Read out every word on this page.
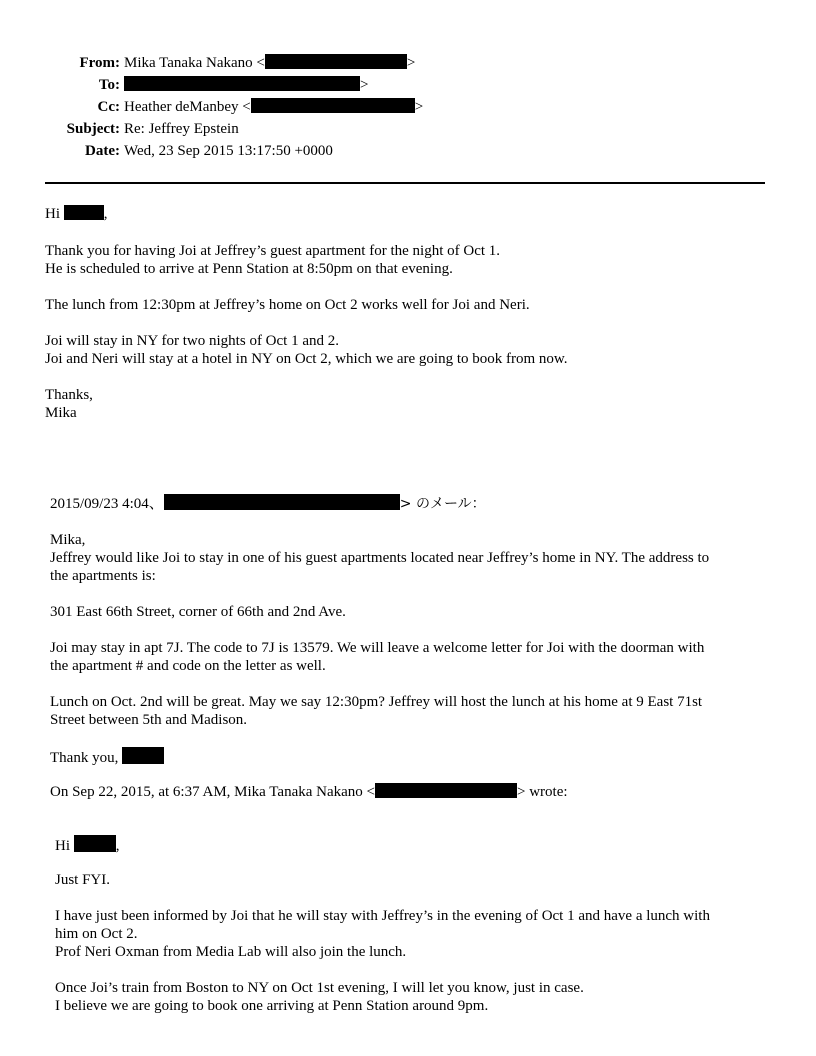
From: Mika Tanaka Nakano <	>
To:	>
Cc: Heather deManbey <	>
Subject: Re: Jeffrey Epstein
Date: Wed, 23 Sep 2015 13:17:50 +0000
Hi	,
Thank you for having Joi at Jeffrey’s guest apartment for the night of Oct 1.
He is scheduled to arrive at Penn Station at 8:50pm on that evening.
The lunch from 12:30pm at Jeffrey’s home on Oct 2 works well for Joi and Neri.
Joi will stay in NY for two nights of Oct 1 and 2.
Joi and Neri will stay at a hotel in NY on Oct 2, which we are going to book from now.
Thanks,
Mika
2015/09/23 4:04、	> のメール：
Mika,
Jeffrey would like Joi to stay in one of his guest apartments located near Jeffrey’s home in NY. The address to
the apartments is:
301 East 66th Street, corner of 66th and 2nd Ave.
Joi may stay in apt 7J. The code to 7J is 13579. We will leave a welcome letter for Joi with the doorman with
the apartment # and code on the letter as well.
Lunch on Oct. 2nd will be great. May we say 12:30pm? Jeffrey will host the lunch at his home at 9 East 71st
Street between 5th and Madison.
Thank you,
On Sep 22, 2015, at 6:37 AM, Mika Tanaka Nakano <	> wrote:
Hi	,
Just FYI.
I have just been informed by Joi that he will stay with Jeffrey’s in the evening of Oct 1 and have a lunch with
him on Oct 2.
Prof Neri Oxman from Media Lab will also join the lunch.
Once Joi’s train from Boston to NY on Oct 1st evening, I will let you know, just in case.
I believe we are going to book one arriving at Penn Station around 9pm.
